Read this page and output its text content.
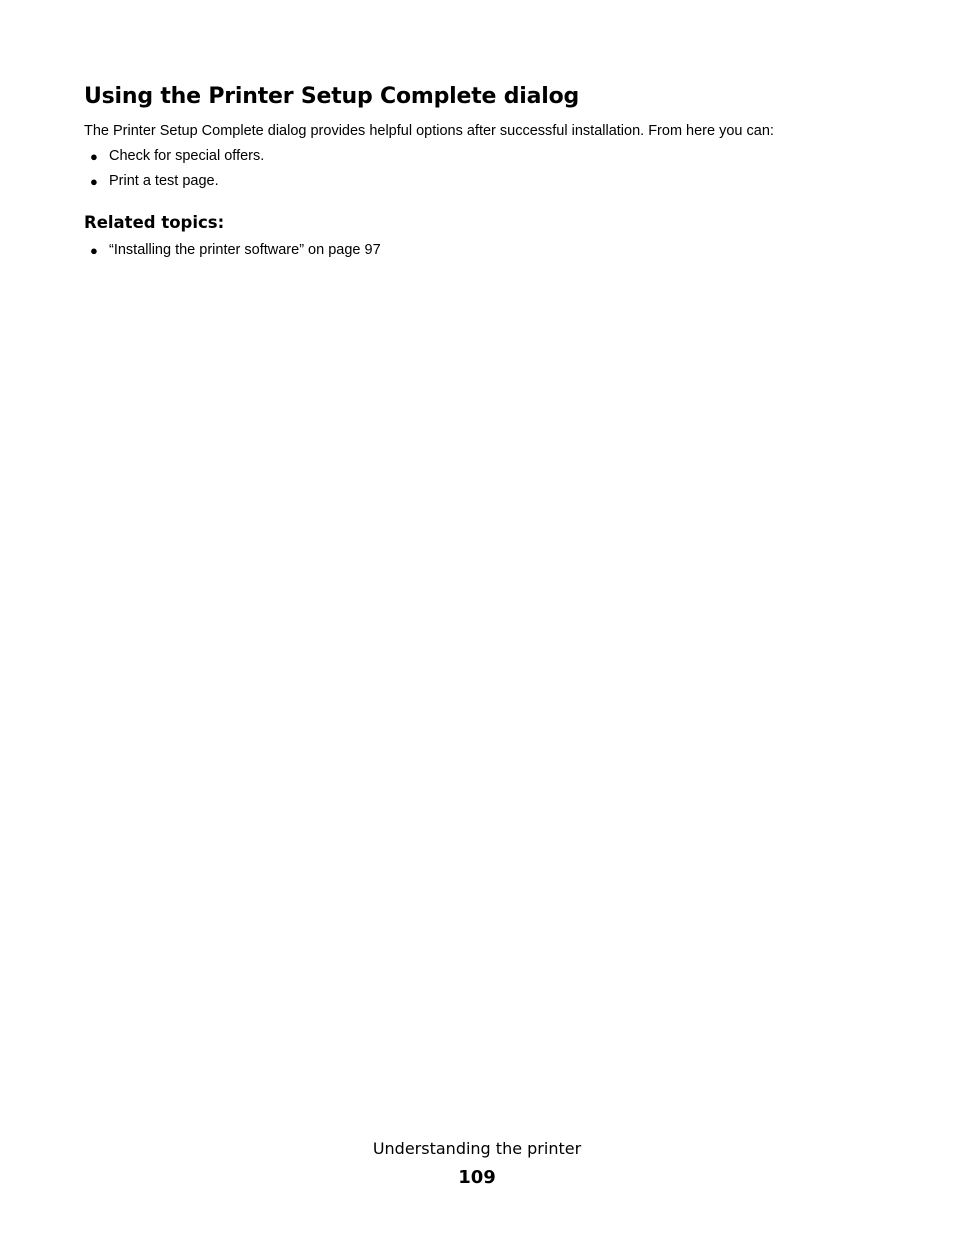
Using the Printer Setup Complete dialog

The Printer Setup Complete dialog provides helpful options after successful installation. From here you can:

● Check for special offers.
● Print a test page.
Related topics:
● “Installing the printer software” on page 97
Understanding the printer
109
